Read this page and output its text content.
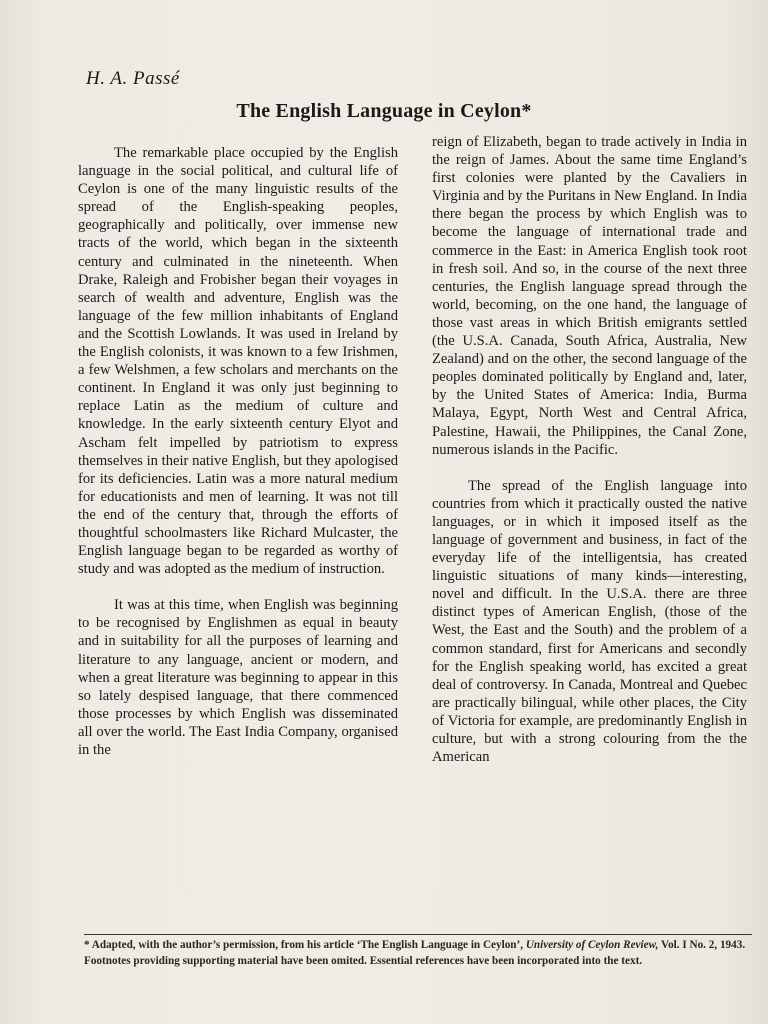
H. A. Passé
The English Language in Ceylon*

The remarkable place occupied by the English language in the social political, and cultural life of Ceylon is one of the many linguistic results of the spread of the English-speaking peoples, geographically and politically, over immense new tracts of the world, which began in the sixteenth century and culminated in the nineteenth. When Drake, Raleigh and Frobisher began their voyages in search of wealth and adventure, English was the language of the few million inhabitants of England and the Scottish Lowlands. It was used in Ireland by the English colonists, it was known to a few Irishmen, a few Welshmen, a few scholars and merchants on the continent. In England it was only just beginning to replace Latin as the medium of culture and knowledge. In the early sixteenth century Elyot and Ascham felt impelled by patriotism to express themselves in their native English, but they apologised for its deficiencies. Latin was a more natural medium for educationists and men of learning. It was not till the end of the century that, through the efforts of thoughtful schoolmasters like Richard Mulcaster, the English language began to be regarded as worthy of study and was adopted as the medium of instruction.

It was at this time, when English was beginning to be recognised by Englishmen as equal in beauty and in suitability for all the purposes of learning and literature to any language, ancient or modern, and when a great literature was beginning to appear in this so lately despised language, that there commenced those processes by which English was disseminated all over the world. The East India Company, organised in the

reign of Elizabeth, began to trade actively in India in the reign of James. About the same time England’s first colonies were planted by the Cavaliers in Virginia and by the Puritans in New England. In India there began the process by which English was to become the language of international trade and commerce in the East: in America English took root in fresh soil. And so, in the course of the next three centuries, the English language spread through the world, becoming, on the one hand, the language of those vast areas in which British emigrants settled (the U.S.A. Canada, South Africa, Australia, New Zealand) and on the other, the second language of the peoples dominated politically by England and, later, by the United States of America: India, Burma Malaya, Egypt, North West and Central Africa, Palestine, Hawaii, the Philippines, the Canal Zone, numerous islands in the Pacific.

The spread of the English language into countries from which it practically ousted the native languages, or in which it imposed itself as the language of government and business, in fact of the everyday life of the intelligentsia, has created linguistic situations of many kinds—interesting, novel and difficult. In the U.S.A. there are three distinct types of American English, (those of the West, the East and the South) and the problem of a common standard, first for Americans and secondly for the English speaking world, has excited a great deal of controversy. In Canada, Montreal and Quebec are practically bilingual, while other places, the City of Victoria for example, are predominantly English in culture, but with a strong colouring from the the American

* Adapted, with the author’s permission, from his article ‘The English Language in Ceylon’, University of Ceylon Review, Vol. I No. 2, 1943. Footnotes providing supporting material have been omited. Essential references have been incorporated into the text.
